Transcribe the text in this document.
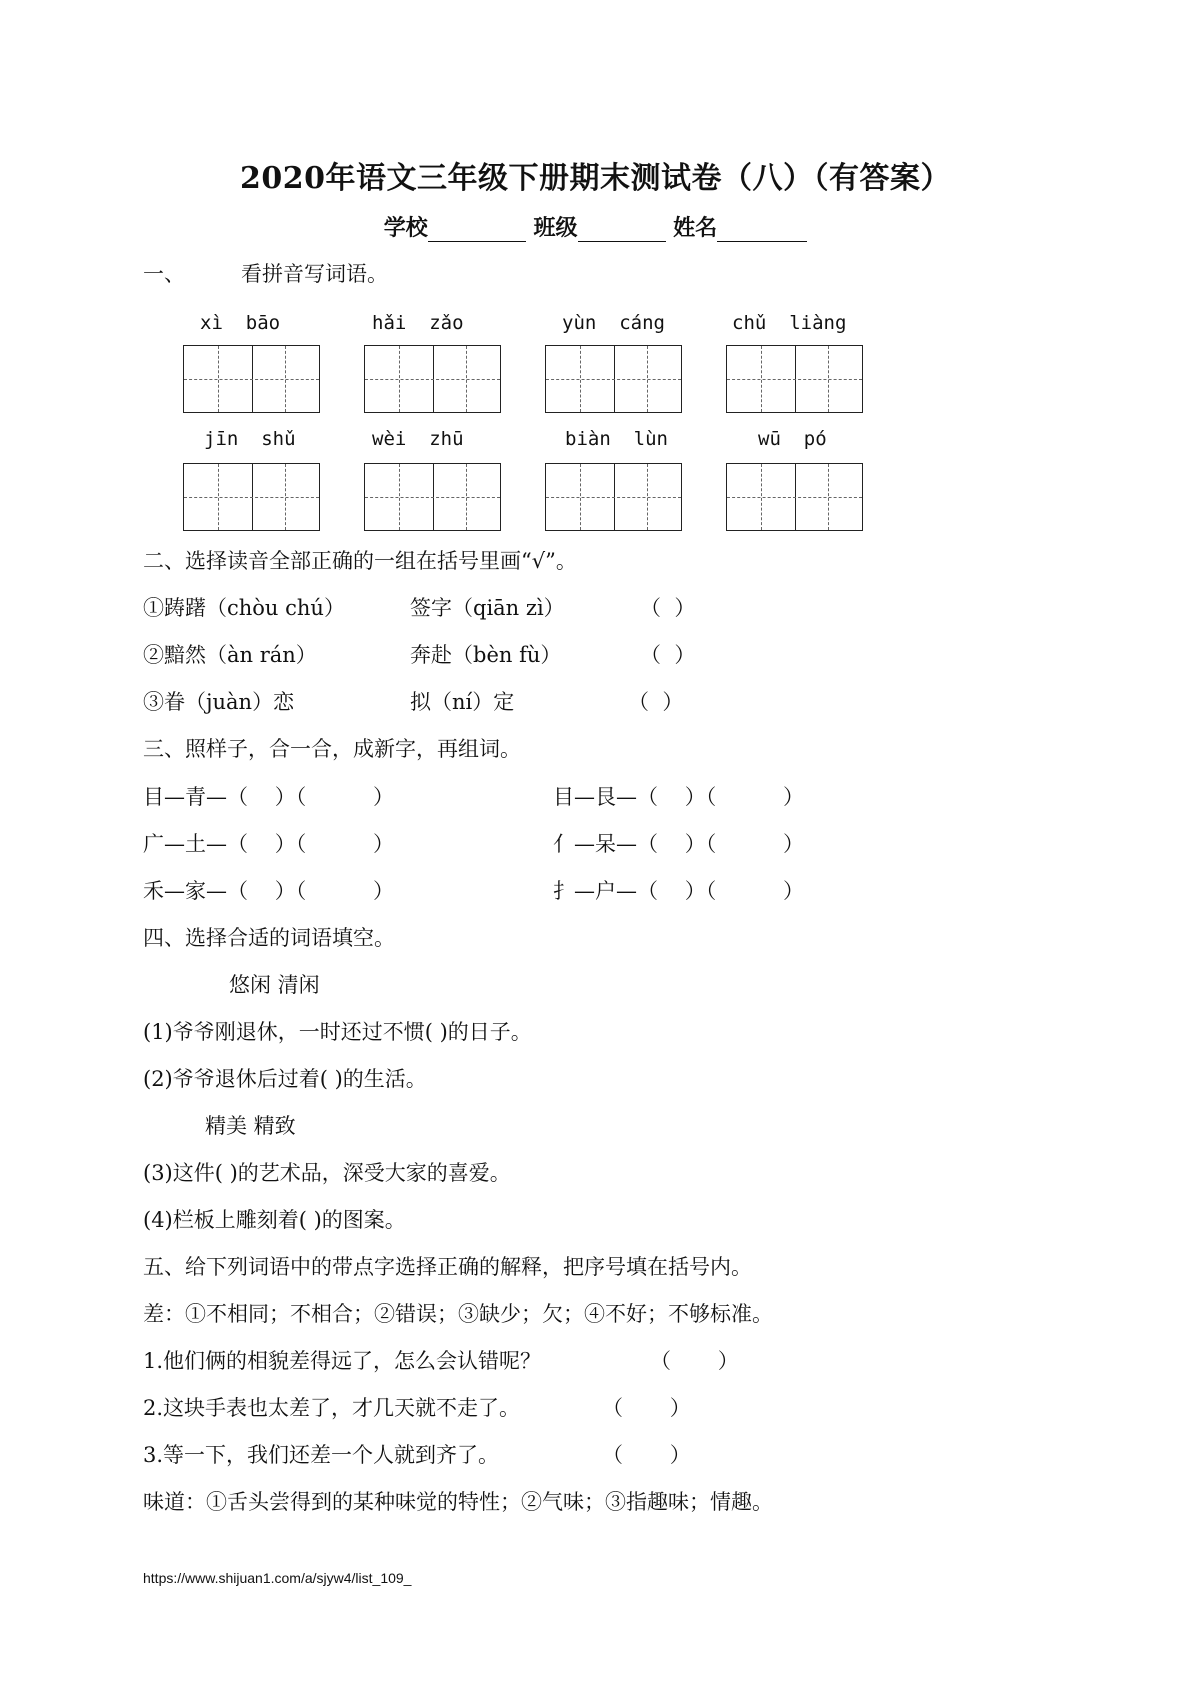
2020年语文三年级下册期末测试卷（八）（有答案）
学校	班级	姓名
一、	看拼音写词语。
xì  bāo	hǎi  zǎo	yùn  cáng	chǔ  liàng
jīn  shǔ	wèi  zhū	biàn  lùn	wū  pó
二、选择读音全部正确的一组在括号里画“√”。
①踌躇（chòu chú）	签字（qiān zì）	（  ）
②黯然（àn rán）	奔赴（bèn fù）	（  ）
③眷（juàn）恋	拟（ní）定	（  ）
三、照样子，合一合，成新字，再组词。
目—青—（    ）（          ）	目—艮—（    ）（          ）
广—土—（    ）（          ）	亻—呆—（    ）（          ）
禾—家—（    ）（          ）	扌—户—（    ）（          ）
四、选择合适的词语填空。
悠闲 清闲
(1)爷爷刚退休，一时还过不惯( )的日子。
(2)爷爷退休后过着( )的生活。
精美 精致
(3)这件( )的艺术品，深受大家的喜爱。
(4)栏板上雕刻着( )的图案。
五、给下列词语中的带点字选择正确的解释，把序号填在括号内。
差：①不相同；不相合；②错误；③缺少；欠；④不好；不够标准。
1.他们俩的相貌差得远了，怎么会认错呢？	（       ）
2.这块手表也太差了，才几天就不走了。	（       ）
3.等一下，我们还差一个人就到齐了。	（       ）
味道：①舌头尝得到的某种味觉的特性；②气味；③指趣味；情趣。
https://www.shijuan1.com/a/sjyw4/list_109_
